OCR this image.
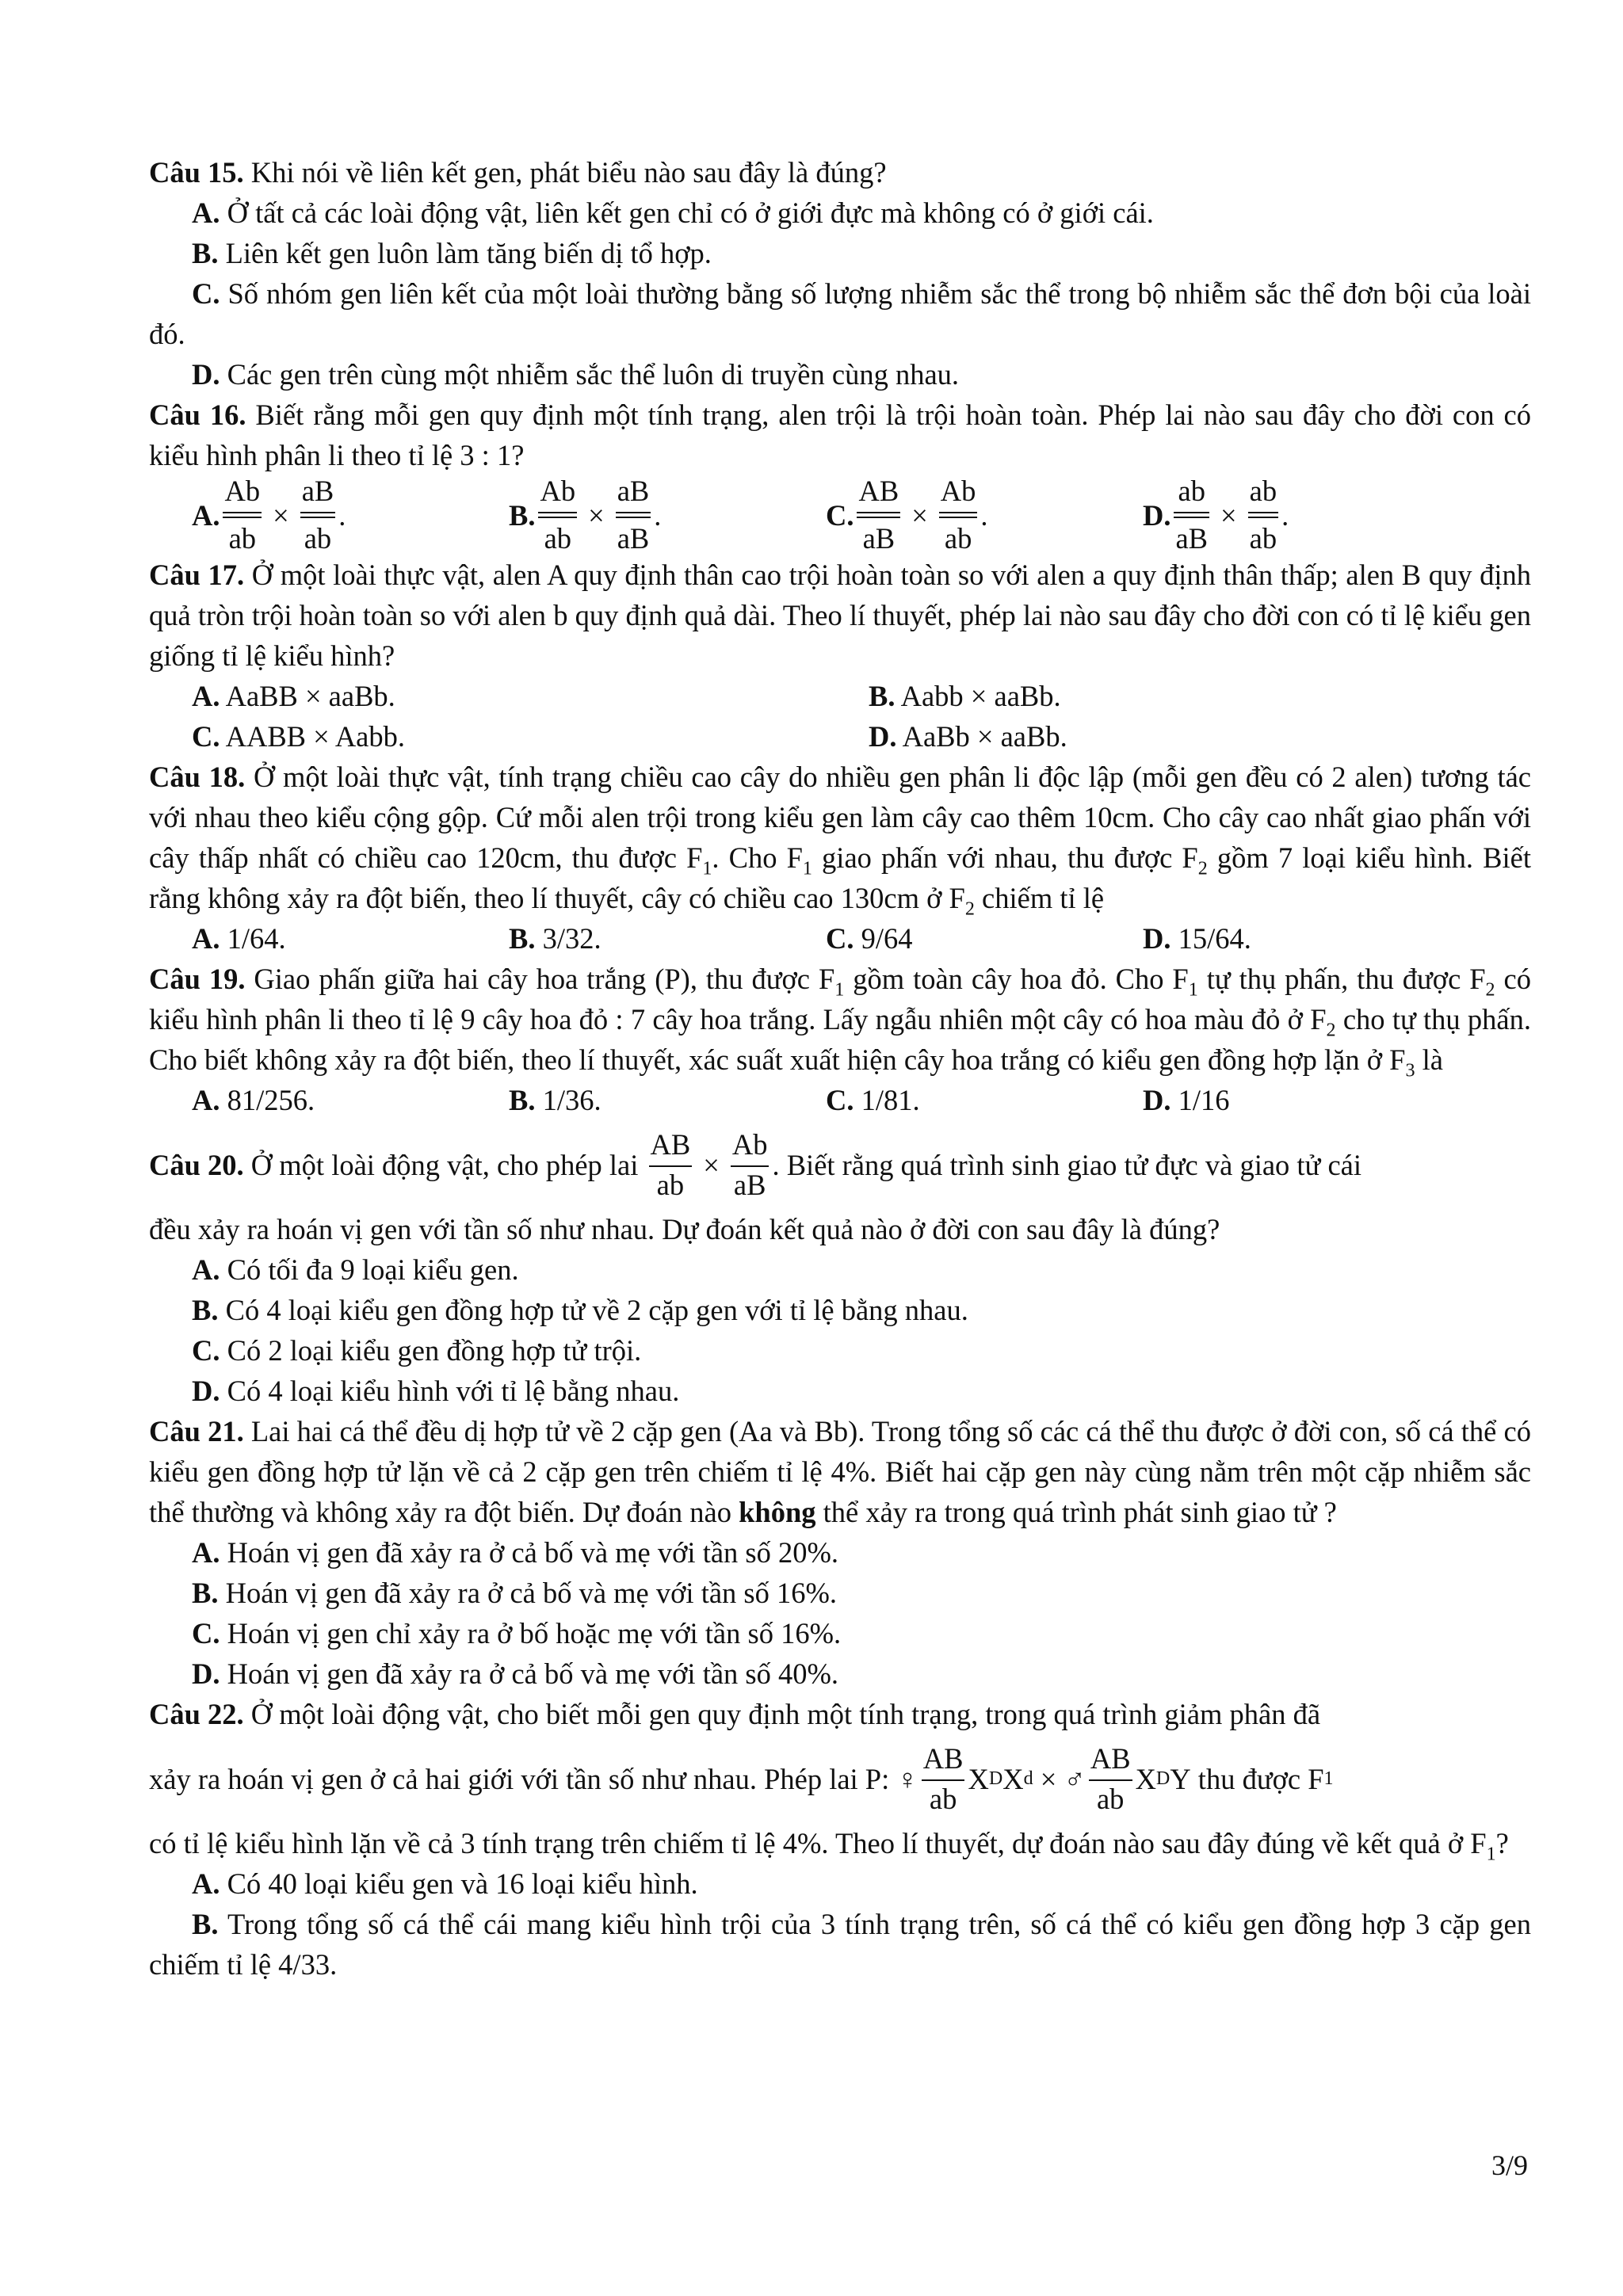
Câu 15. Khi nói về liên kết gen, phát biểu nào sau đây là đúng?

A. Ở tất cả các loài động vật, liên kết gen chỉ có ở giới đực mà không có ở giới cái.

B. Liên kết gen luôn làm tăng biến dị tổ hợp.

C. Số nhóm gen liên kết của một loài thường bằng số lượng nhiễm sắc thể trong bộ nhiễm sắc thể đơn bội của loài đó.

D. Các gen trên cùng một nhiễm sắc thể luôn di truyền cùng nhau.

Câu 16. Biết rằng mỗi gen quy định một tính trạng, alen trội là trội hoàn toàn. Phép lai nào sau đây cho đời con có kiểu hình phân li theo tỉ lệ 3 : 1?

A. $\frac{Ab}{ab} \times \frac{aB}{ab}$ .	B. $\frac{Ab}{ab} \times \frac{aB}{aB}$ .	C. $\frac{AB}{aB} \times \frac{Ab}{ab}$ .	D. $\frac{ab}{aB} \times \frac{ab}{ab}$ .

Câu 17. Ở một loài thực vật, alen A quy định thân cao trội hoàn toàn so với alen a quy định thân thấp; alen B quy định quả tròn trội hoàn toàn so với alen b quy định quả dài. Theo lí thuyết, phép lai nào sau đây cho đời con có tỉ lệ kiểu gen giống tỉ lệ kiểu hình?

A. AaBB × aaBb.	B. Aabb × aaBb.
C. AABB × Aabb.	D. AaBb × aaBb.

Câu 18. Ở một loài thực vật, tính trạng chiều cao cây do nhiều gen phân li độc lập (mỗi gen đều có 2 alen) tương tác với nhau theo kiểu cộng gộp. Cứ mỗi alen trội trong kiểu gen làm cây cao thêm 10cm. Cho cây cao nhất giao phấn với cây thấp nhất có chiều cao 120cm, thu được $F_1$. Cho $F_1$ giao phấn với nhau, thu được $F_2$ gồm 7 loại kiểu hình. Biết rằng không xảy ra đột biến, theo lí thuyết, cây có chiều cao 130cm ở $F_2$ chiếm tỉ lệ

A. 1/64.	B. 3/32.	C. 9/64	D. 15/64.

Câu 19. Giao phấn giữa hai cây hoa trắng (P), thu được $F_1$ gồm toàn cây hoa đỏ. Cho $F_1$ tự thụ phấn, thu được $F_2$ có kiểu hình phân li theo tỉ lệ 9 cây hoa đỏ : 7 cây hoa trắng. Lấy ngẫu nhiên một cây có hoa màu đỏ ở $F_2$ cho tự thụ phấn. Cho biết không xảy ra đột biến, theo lí thuyết, xác suất xuất hiện cây hoa trắng có kiểu gen đồng hợp lặn ở $F_3$ là

A. 81/256.	B. 1/36.	C. 1/81.	D. 1/16
Câu 20. Ở một loài động vật, cho phép lai $\frac{AB}{ab} \times \frac{Ab}{aB}$ . Biết rằng quá trình sinh giao tử đực và giao tử cái

đều xảy ra hoán vị gen với tần số như nhau. Dự đoán kết quả nào ở đời con sau đây là đúng?

A. Có tối đa 9 loại kiểu gen.

B. Có 4 loại kiểu gen đồng hợp tử về 2 cặp gen với tỉ lệ bằng nhau.

C. Có 2 loại kiểu gen đồng hợp tử trội.

D. Có 4 loại kiểu hình với tỉ lệ bằng nhau.

Câu 21. Lai hai cá thể đều dị hợp tử về 2 cặp gen (Aa và Bb). Trong tổng số các cá thể thu được ở đời con, số cá thể có kiểu gen đồng hợp tử lặn về cả 2 cặp gen trên chiếm tỉ lệ 4%. Biết hai cặp gen này cùng nằm trên một cặp nhiễm sắc thể thường và không xảy ra đột biến. Dự đoán nào không thể xảy ra trong quá trình phát sinh giao tử ?

A. Hoán vị gen đã xảy ra ở cả bố và mẹ với tần số 20%.

B. Hoán vị gen đã xảy ra ở cả bố và mẹ với tần số 16%.

C. Hoán vị gen chỉ xảy ra ở bố hoặc mẹ với tần số 16%.

D. Hoán vị gen đã xảy ra ở cả bố và mẹ với tần số 40%.

Câu 22. Ở một loài động vật, cho biết mỗi gen quy định một tính trạng, trong quá trình giảm phân đã

xảy ra hoán vị gen ở cả hai giới với tần số như nhau. Phép lai P: ♀ $\frac{AB}{ab}$ X D X d × ♂ $\frac{AB}{ab}$ X D Y thu được F 1

có tỉ lệ kiểu hình lặn về cả 3 tính trạng trên chiếm tỉ lệ 4%. Theo lí thuyết, dự đoán nào sau đây đúng về kết quả ở $F_1$?

A. Có 40 loại kiểu gen và 16 loại kiểu hình.

B. Trong tổng số cá thể cái mang kiểu hình trội của 3 tính trạng trên, số cá thể có kiểu gen đồng hợp 3 cặp gen chiếm tỉ lệ 4/33.

3/9
